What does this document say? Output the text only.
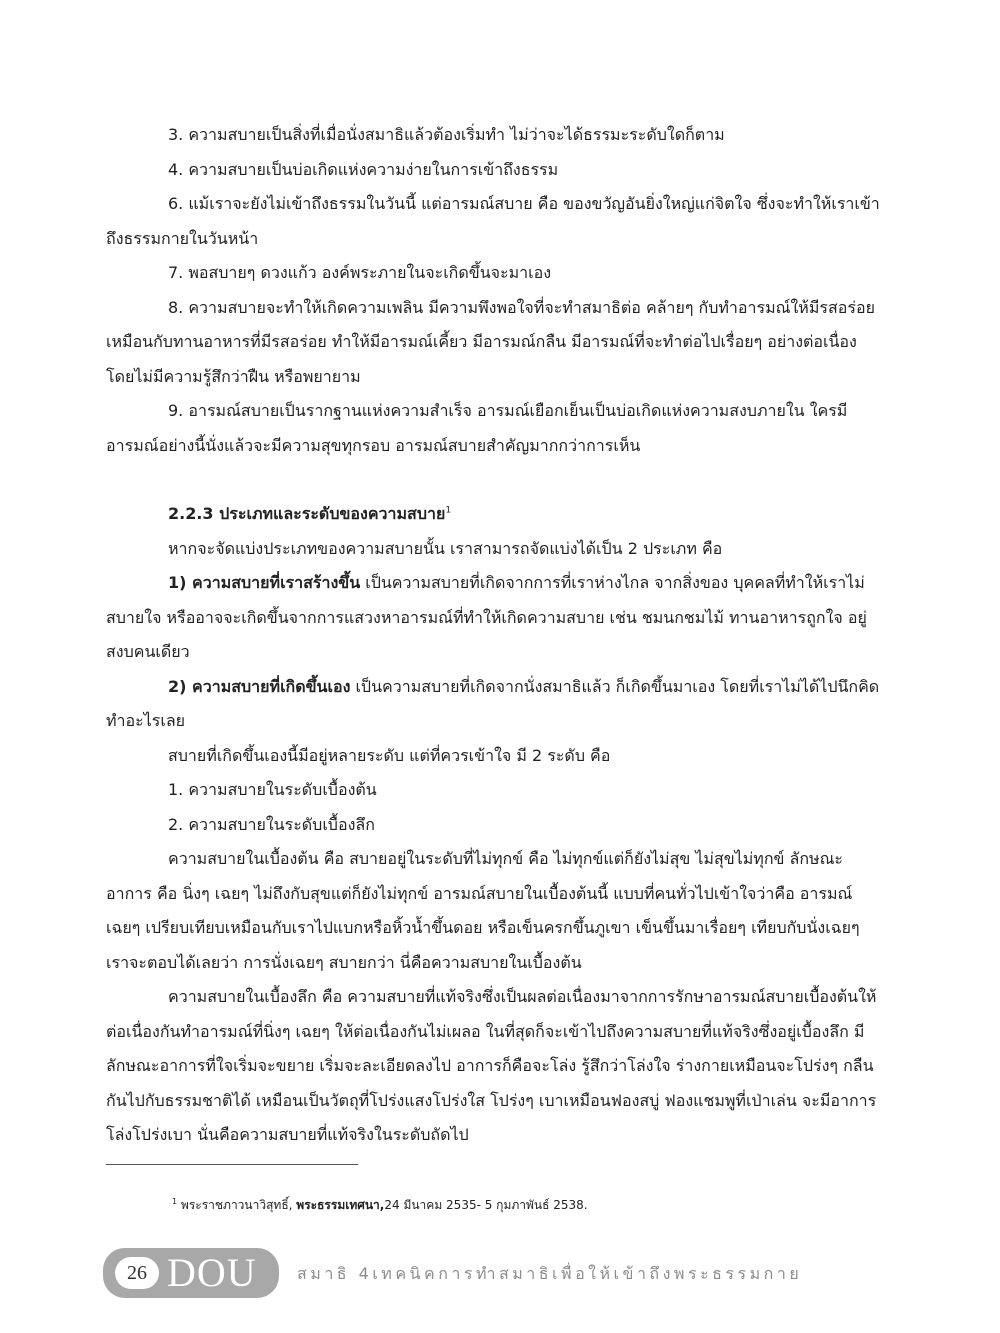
3. ความสบายเป็นสิ่งที่เมื่อนั่งสมาธิแล้วต้องเริ่มทำ ไม่ว่าจะได้ธรรมะระดับใดก็ตาม

4. ความสบายเป็นบ่อเกิดแห่งความง่ายในการเข้าถึงธรรม

6. แม้เราจะยังไม่เข้าถึงธรรมในวันนี้ แต่อารมณ์สบาย คือ ของขวัญอันยิ่งใหญ่แก่จิตใจ ซึ่งจะทำให้เราเข้าถึงธรรมกายในวันหน้า

7. พอสบายๆ ดวงแก้ว องค์พระภายในจะเกิดขึ้นจะมาเอง

8. ความสบายจะทำให้เกิดความเพลิน มีความพึงพอใจที่จะทำสมาธิต่อ คล้ายๆ กับทำอารมณ์ให้มีรสอร่อย เหมือนกับทานอาหารที่มีรสอร่อย ทำให้มีอารมณ์เคี้ยว มีอารมณ์กลืน มีอารมณ์ที่จะทำต่อไปเรื่อยๆ อย่างต่อเนื่อง โดยไม่มีความรู้สึกว่าฝืน หรือพยายาม

9. อารมณ์สบายเป็นรากฐานแห่งความสำเร็จ อารมณ์เยือกเย็นเป็นบ่อเกิดแห่งความสงบภายใน ใครมีอารมณ์อย่างนี้นั่งแล้วจะมีความสุขทุกรอบ อารมณ์สบายสำคัญมากกว่าการเห็น

2.2.3 ประเภทและระดับของความสบาย$^1$

หากจะจัดแบ่งประเภทของความสบายนั้น เราสามารถจัดแบ่งได้เป็น 2 ประเภท คือ

1) ความสบายที่เราสร้างขึ้น เป็นความสบายที่เกิดจากการที่เราห่างไกล จากสิ่งของ บุคคลที่ทำให้เราไม่สบายใจ หรืออาจจะเกิดขึ้นจากการแสวงหาอารมณ์ที่ทำให้เกิดความสบาย เช่น ชมนกชมไม้ ทานอาหารถูกใจ อยู่สงบคนเดียว

2) ความสบายที่เกิดขึ้นเอง เป็นความสบายที่เกิดจากนั่งสมาธิแล้ว ก็เกิดขึ้นมาเอง โดยที่เราไม่ได้ไปนึกคิด ทำอะไรเลย

สบายที่เกิดขึ้นเองนี้มีอยู่หลายระดับ แต่ที่ควรเข้าใจ มี 2 ระดับ คือ

1. ความสบายในระดับเบื้องต้น

2. ความสบายในระดับเบื้องลึก

ความสบายในเบื้องต้น คือ สบายอยู่ในระดับที่ไม่ทุกข์ คือ ไม่ทุกข์แต่ก็ยังไม่สุข ไม่สุขไม่ทุกข์ ลักษณะอาการ คือ นิ่งๆ เฉยๆ ไม่ถึงกับสุขแต่ก็ยังไม่ทุกข์ อารมณ์สบายในเบื้องต้นนี้ แบบที่คนทั่วไปเข้าใจว่าคือ อารมณ์เฉยๆ เปรียบเทียบเหมือนกับเราไปแบกหรือหิ้วน้ำขึ้นดอย หรือเข็นครกขึ้นภูเขา เข็นขึ้นมาเรื่อยๆ เทียบกับนั่งเฉยๆ เราจะตอบได้เลยว่า การนั่งเฉยๆ สบายกว่า นี่คือความสบายในเบื้องต้น

ความสบายในเบื้องลึก คือ ความสบายที่แท้จริงซึ่งเป็นผลต่อเนื่องมาจากการรักษาอารมณ์สบายเบื้องต้นให้ต่อเนื่องกันทำอารมณ์ที่นิ่งๆ เฉยๆ ให้ต่อเนื่องกันไม่เผลอ ในที่สุดก็จะเข้าไปถึงความสบายที่แท้จริงซึ่งอยู่เบื้องลึก มีลักษณะอาการที่ใจเริ่มจะขยาย เริ่มจะละเอียดลงไป อาการก็คือจะโล่ง รู้สึกว่าโล่งใจ ร่างกายเหมือนจะโปร่งๆ กลืนกันไปกับธรรมชาติได้ เหมือนเป็นวัตถุที่โปร่งแสงโปร่งใส โปร่งๆ เบาเหมือนฟองสบู่ ฟองแชมพูที่เป่าเล่น จะมีอาการโล่งโปร่งเบา นั่นคือความสบายที่แท้จริงในระดับถัดไป

$^1$ พระราชภาวนาวิสุทธิ์, พระธรรมเทศนา,24 มีนาคม 2535- 5 กุมภาพันธ์ 2538.
26 DOU	สมาธิ 4เทคนิคการทำสมาธิเพื่อให้เข้าถึงพระธรรมกาย
